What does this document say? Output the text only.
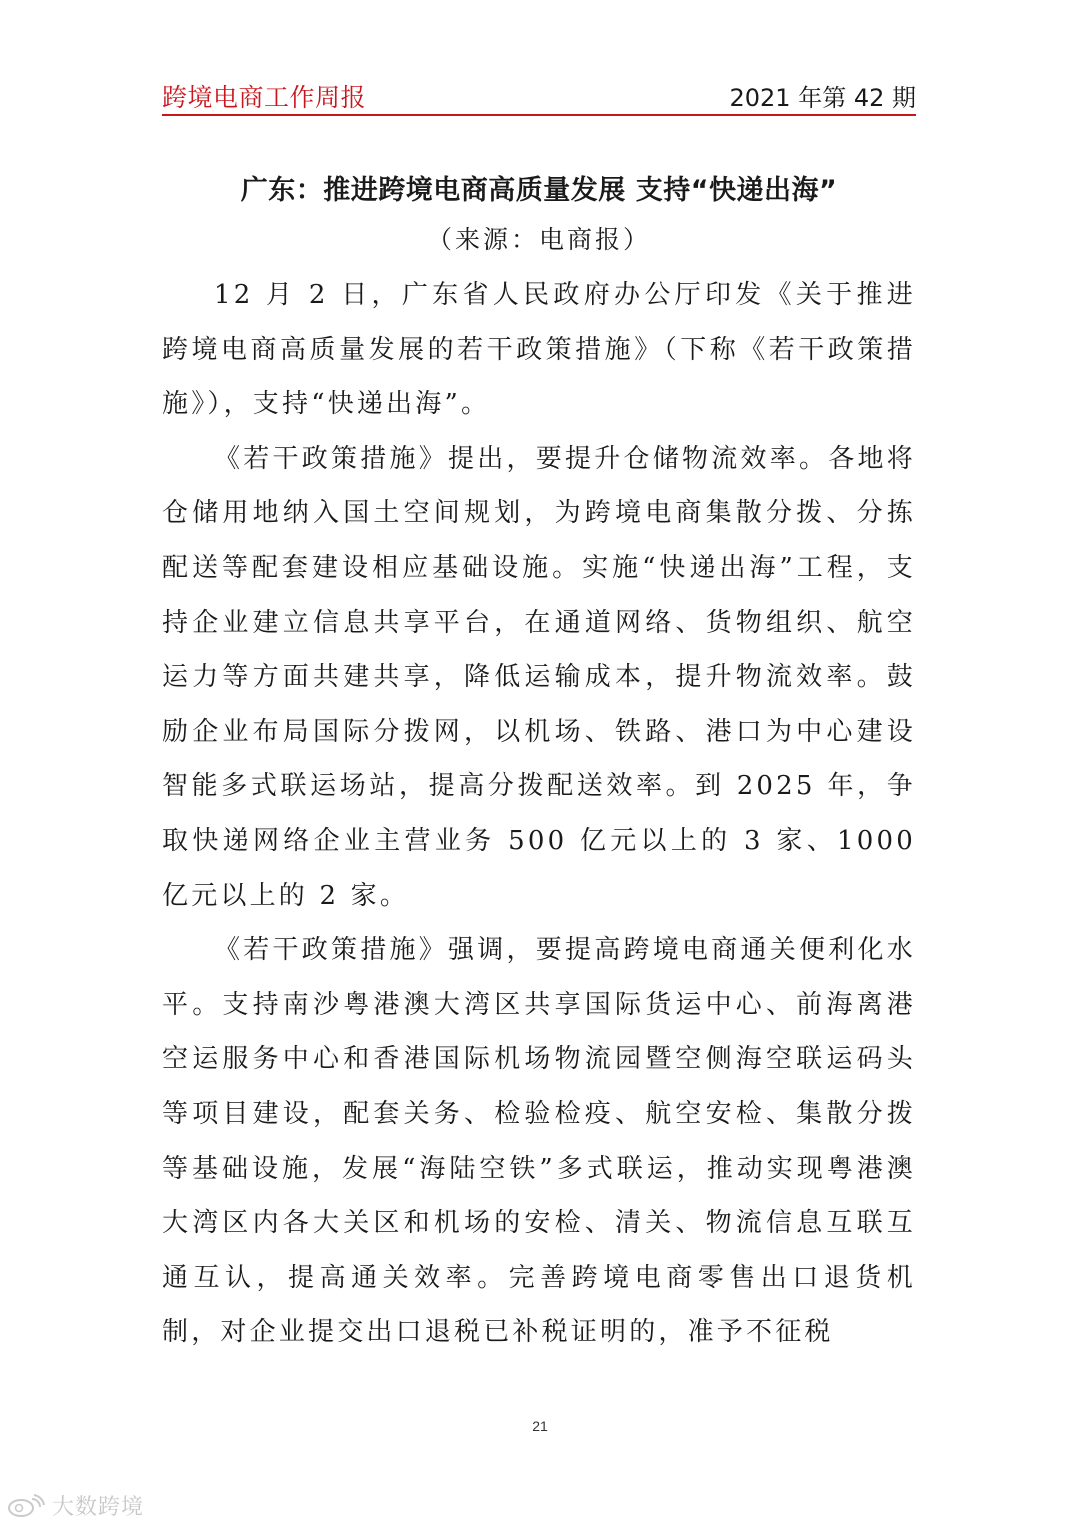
跨境电商工作周报	2021 年第 42 期
广东：推进跨境电商高质量发展 支持“快递出海”
（来源：电商报）

12 月 2 日，广东省人民政府办公厅印发《关于推进跨境电商高质量发展的若干政策措施》（下称《若干政策措施》），支持“快递出海”。

《若干政策措施》提出，要提升仓储物流效率。各地将仓储用地纳入国土空间规划，为跨境电商集散分拨、分拣配送等配套建设相应基础设施。实施“快递出海”工程，支持企业建立信息共享平台，在通道网络、货物组织、航空运力等方面共建共享，降低运输成本，提升物流效率。鼓励企业布局国际分拨网，以机场、铁路、港口为中心建设智能多式联运场站，提高分拨配送效率。到 2025 年，争取快递网络企业主营业务 500 亿元以上的 3 家、1000 亿元以上的 2 家。

《若干政策措施》强调，要提高跨境电商通关便利化水平。支持南沙粤港澳大湾区共享国际货运中心、前海离港空运服务中心和香港国际机场物流园暨空侧海空联运码头等项目建设，配套关务、检验检疫、航空安检、集散分拨等基础设施，发展“海陆空铁”多式联运，推动实现粤港澳大湾区内各大关区和机场的安检、清关、物流信息互联互通互认，提高通关效率。完善跨境电商零售出口退货机制，对企业提交出口退税已补税证明的，准予不征税

21
大数跨境
